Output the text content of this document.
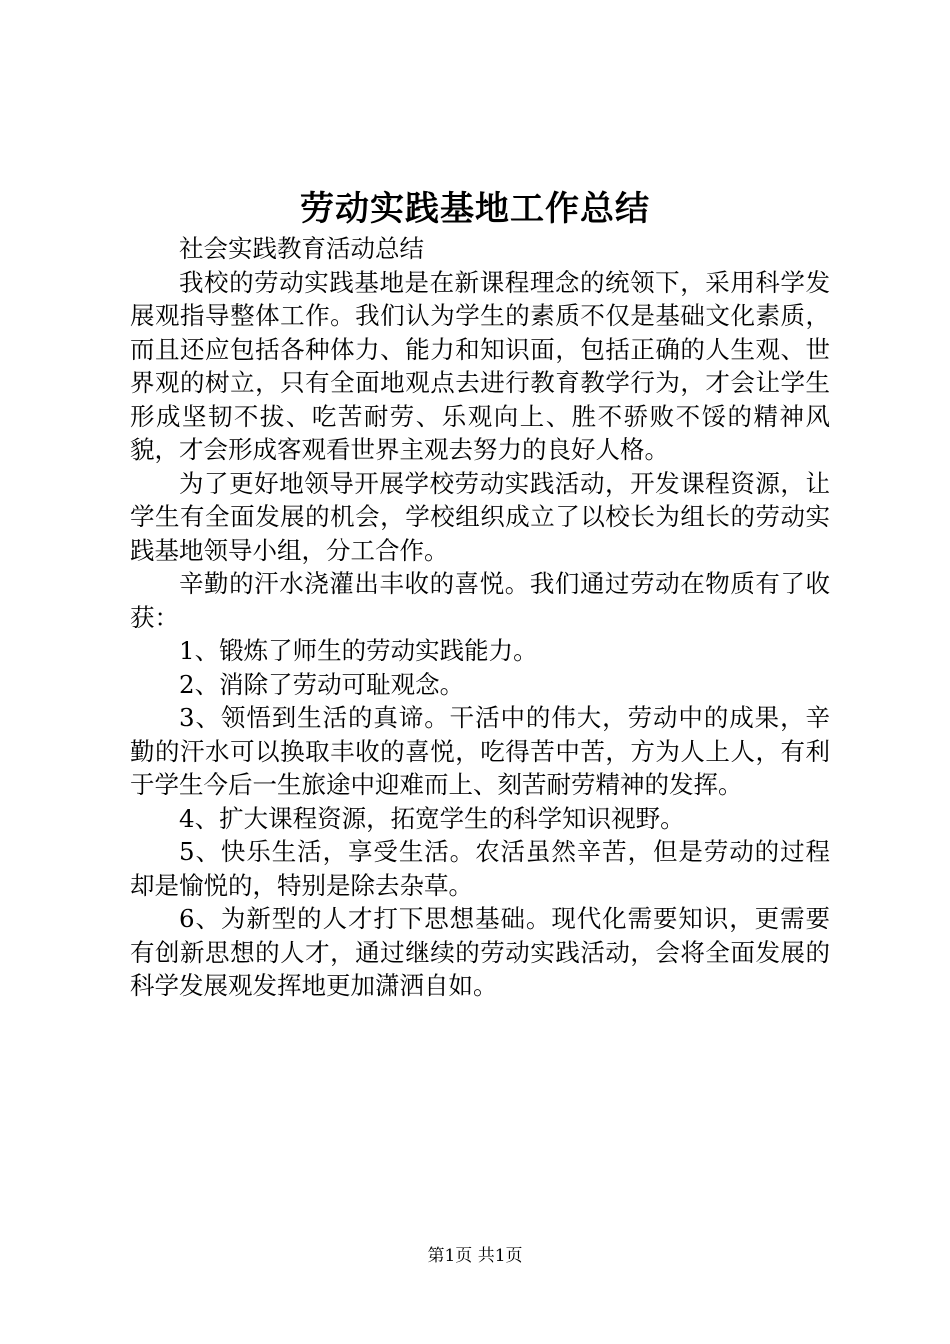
劳动实践基地工作总结

社会实践教育活动总结

我校的劳动实践基地是在新课程理念的统领下，采用科学发展观指导整体工作。我们认为学生的素质不仅是基础文化素质，而且还应包括各种体力、能力和知识面，包括正确的人生观、世界观的树立，只有全面地观点去进行教育教学行为，才会让学生形成坚韧不拔、吃苦耐劳、乐观向上、胜不骄败不馁的精神风貌，才会形成客观看世界主观去努力的良好人格。

为了更好地领导开展学校劳动实践活动，开发课程资源，让学生有全面发展的机会，学校组织成立了以校长为组长的劳动实践基地领导小组，分工合作。

辛勤的汗水浇灌出丰收的喜悦。我们通过劳动在物质有了收获：

1、锻炼了师生的劳动实践能力。

2、消除了劳动可耻观念。

3、领悟到生活的真谛。干活中的伟大，劳动中的成果，辛勤的汗水可以换取丰收的喜悦，吃得苦中苦，方为人上人，有利于学生今后一生旅途中迎难而上、刻苦耐劳精神的发挥。

4、扩大课程资源，拓宽学生的科学知识视野。

5、快乐生活，享受生活。农活虽然辛苦，但是劳动的过程却是愉悦的，特别是除去杂草。

6、为新型的人才打下思想基础。现代化需要知识，更需要有创新思想的人才，通过继续的劳动实践活动，会将全面发展的科学发展观发挥地更加潇洒自如。

第1页 共1页
